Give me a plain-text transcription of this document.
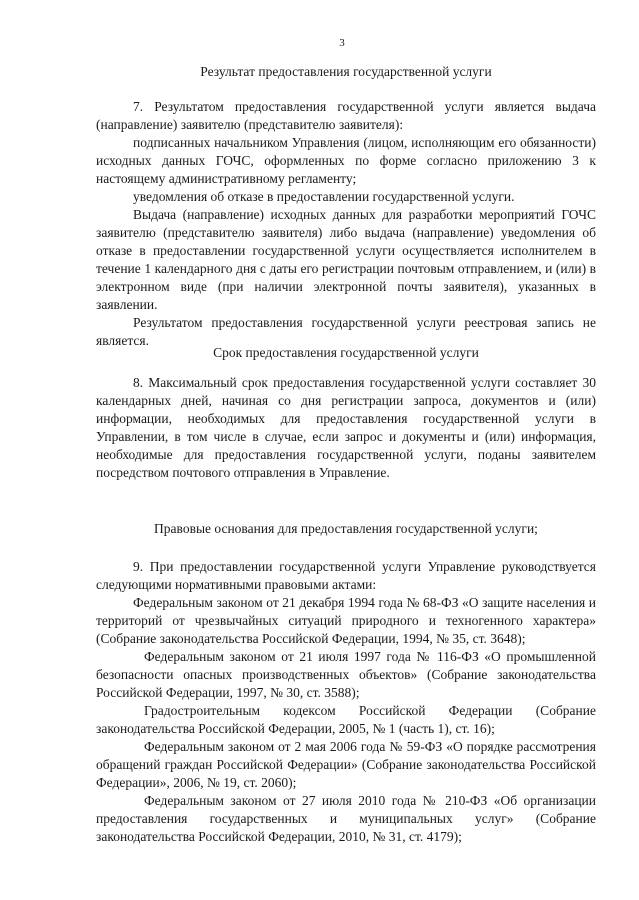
3
Результат предоставления государственной услуги

7. Результатом предоставления государственной услуги является выдача (направление) заявителю (представителю заявителя):

подписанных начальником Управления (лицом, исполняющим его обязанности) исходных данных ГОЧС, оформленных по форме согласно приложению 3 к настоящему административному регламенту;

уведомления об отказе в предоставлении государственной услуги.

Выдача (направление) исходных данных для разработки мероприятий ГОЧС заявителю (представителю заявителя) либо выдача (направление) уведомления об отказе в предоставлении государственной услуги осуществляется исполнителем в течение 1 календарного дня с даты его регистрации почтовым отправлением, и (или) в электронном виде (при наличии электронной почты заявителя), указанных в заявлении.

Результатом предоставления государственной услуги реестровая запись не является.

Срок предоставления государственной услуги

8. Максимальный срок предоставления государственной услуги составляет 30 календарных дней, начиная со дня регистрации запроса, документов и (или) информации, необходимых для предоставления государственной услуги в Управлении, в том числе в случае, если запрос и документы и (или) информация, необходимые для предоставления государственной услуги, поданы заявителем посредством почтового отправления в Управление.

Правовые основания для предоставления государственной услуги;

9. При предоставлении государственной услуги Управление руководствуется следующими нормативными правовыми актами:

Федеральным законом от 21 декабря 1994 года № 68-ФЗ «О защите населения и территорий от чрезвычайных ситуаций природного и техногенного характера» (Собрание законодательства Российской Федерации, 1994, № 35, ст. 3648);

Федеральным законом от 21 июля 1997 года № 116-ФЗ «О промышленной безопасности опасных производственных объектов» (Собрание законодательства Российской Федерации, 1997, № 30, ст. 3588);

Градостроительным кодексом Российской Федерации (Собрание законодательства Российской Федерации, 2005, № 1 (часть 1), ст. 16);

Федеральным законом от 2 мая 2006 года № 59-ФЗ «О порядке рассмотрения обращений граждан Российской Федерации» (Собрание законодательства Российской Федерации», 2006, № 19, ст. 2060);

Федеральным законом от 27 июля 2010 года № 210-ФЗ «Об организации предоставления государственных и муниципальных услуг» (Собрание законодательства Российской Федерации, 2010, № 31, ст. 4179);
